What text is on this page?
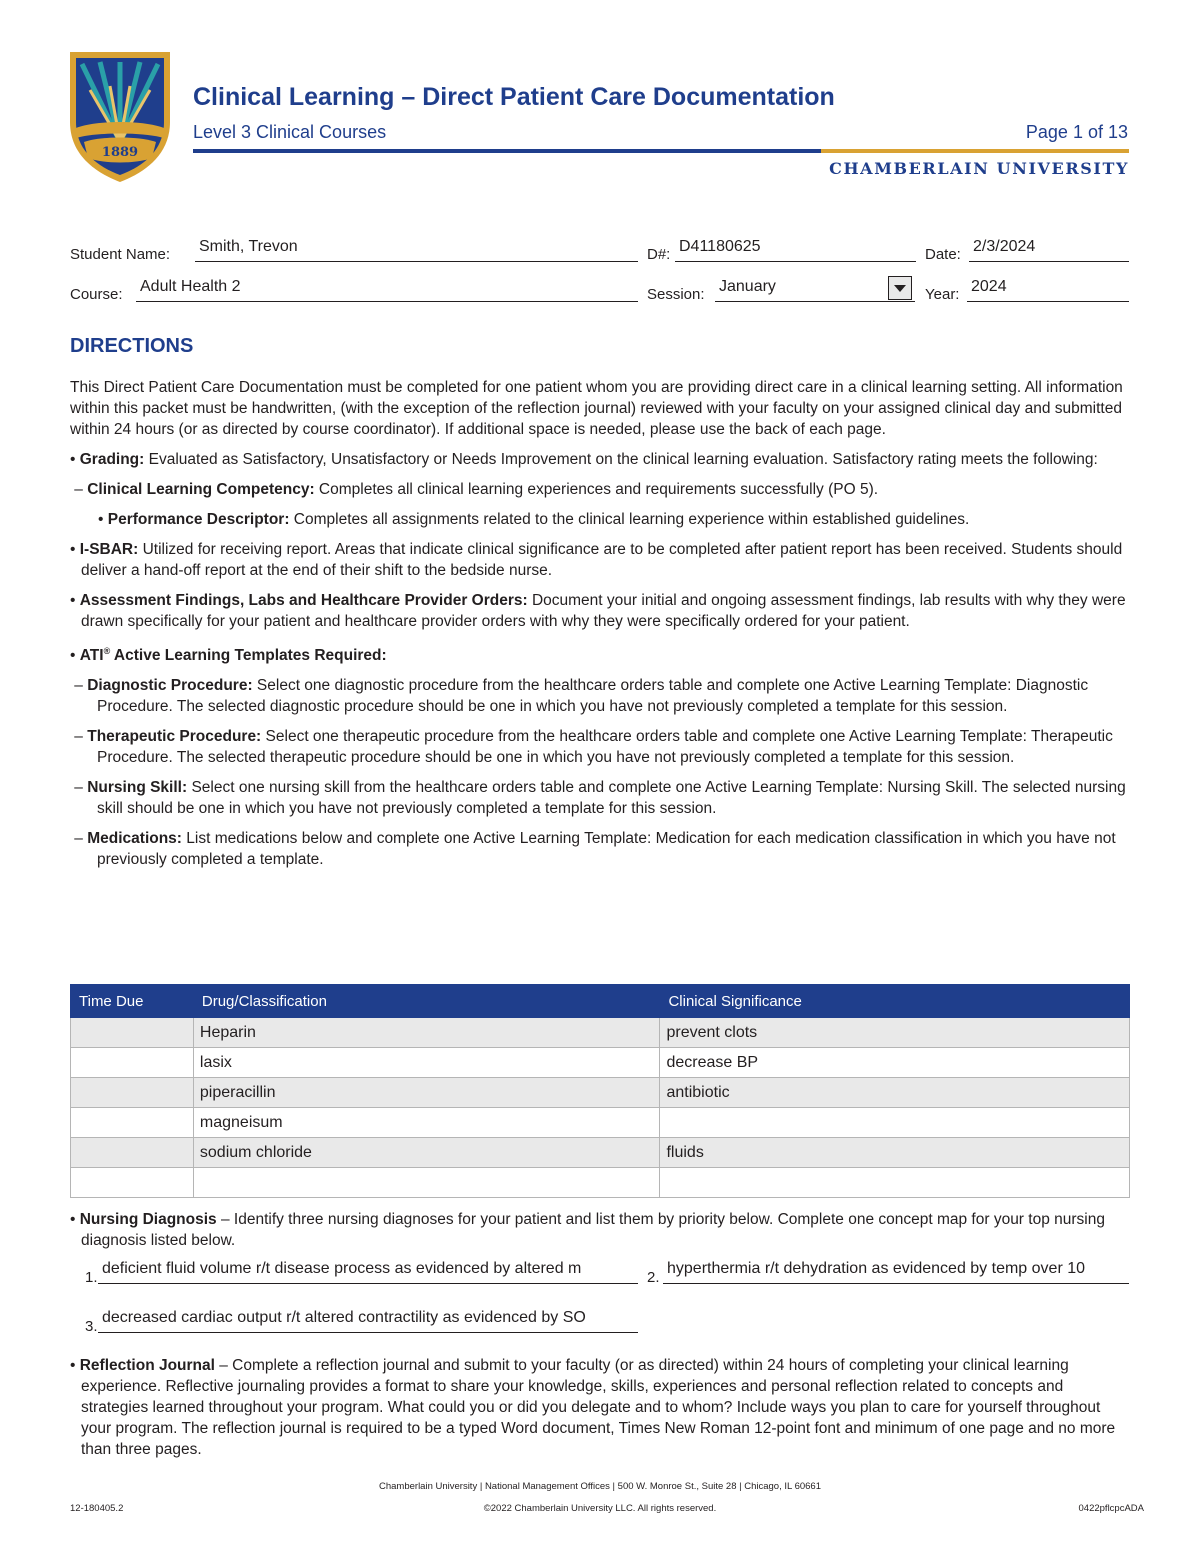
1889
Clinical Learning – Direct Patient Care Documentation
Level 3 Clinical Courses	Page 1 of 13
CHAMBERLAIN UNIVERSITY
Student Name: Smith, Trevon	D#: D41180625	Date: 2/3/2024
Course: Adult Health 2	Session: January	Year: 2024
DIRECTIONS

This Direct Patient Care Documentation must be completed for one patient whom you are providing direct care in a clinical learning setting. All information within this packet must be handwritten, (with the exception of the reflection journal) reviewed with your faculty on your assigned clinical day and submitted within 24 hours (or as directed by course coordinator). If additional space is needed, please use the back of each page.

• Grading: Evaluated as Satisfactory, Unsatisfactory or Needs Improvement on the clinical learning evaluation. Satisfactory rating meets the following:

– Clinical Learning Competency: Completes all clinical learning experiences and requirements successfully (PO 5).

• Performance Descriptor: Completes all assignments related to the clinical learning experience within established guidelines.

• I-SBAR: Utilized for receiving report. Areas that indicate clinical significance are to be completed after patient report has been received. Students should deliver a hand-off report at the end of their shift to the bedside nurse.

• Assessment Findings, Labs and Healthcare Provider Orders: Document your initial and ongoing assessment findings, lab results with why they were drawn specifically for your patient and healthcare provider orders with why they were specifically ordered for your patient.

• ATI® Active Learning Templates Required:

– Diagnostic Procedure: Select one diagnostic procedure from the healthcare orders table and complete one Active Learning Template: Diagnostic Procedure. The selected diagnostic procedure should be one in which you have not previously completed a template for this session.

– Therapeutic Procedure: Select one therapeutic procedure from the healthcare orders table and complete one Active Learning Template: Therapeutic Procedure. The selected therapeutic procedure should be one in which you have not previously completed a template for this session.

– Nursing Skill: Select one nursing skill from the healthcare orders table and complete one Active Learning Template: Nursing Skill. The selected nursing skill should be one in which you have not previously completed a template for this session.

– Medications: List medications below and complete one Active Learning Template: Medication for each medication classification in which you have not previously completed a template.

Time Due	Drug/Classification	Clinical Significance
	Heparin	prevent clots
	lasix	decrease BP
	piperacillin	antibiotic
	magneisum	
	sodium chloride	fluids

• Nursing Diagnosis – Identify three nursing diagnoses for your patient and list them by priority below. Complete one concept map for your top nursing diagnosis listed below.

1.
deficient fluid volume r/t disease process as evidenced by altered m
2.
hyperthermia r/t dehydration as evidenced by temp over 10
3.
decreased cardiac output r/t altered contractility as evidenced by SO

• Reflection Journal – Complete a reflection journal and submit to your faculty (or as directed) within 24 hours of completing your clinical learning experience. Reflective journaling provides a format to share your knowledge, skills, experiences and personal reflection related to concepts and strategies learned throughout your program. What could you or did you delegate and to whom? Include ways you plan to care for yourself throughout your program. The reflection journal is required to be a typed Word document, Times New Roman 12-point font and minimum of one page and no more than three pages.

Chamberlain University | National Management Offices | 500 W. Monroe St., Suite 28 | Chicago, IL 60661
12-180405.2	©2022 Chamberlain University LLC. All rights reserved.	0422pflcpcADA
